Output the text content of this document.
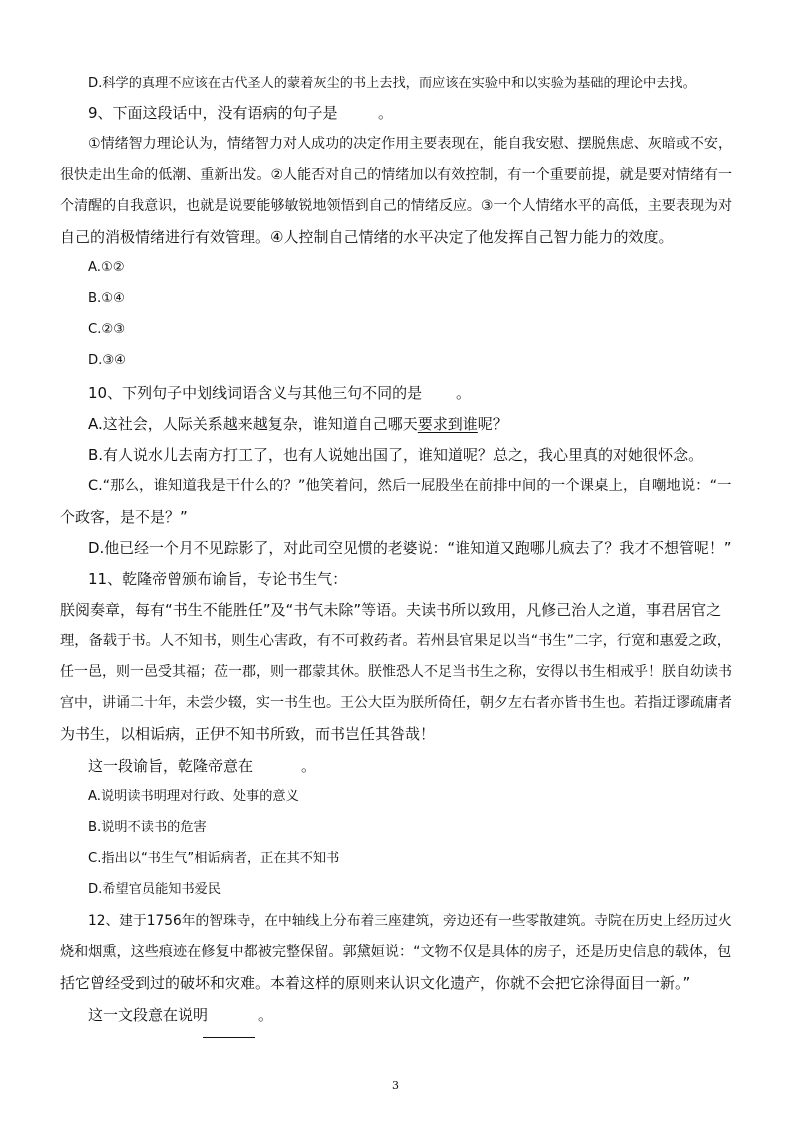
D.科学的真理不应该在古代圣人的蒙着灰尘的书上去找，而应该在实验中和以实验为基础的理论中去找。
9、下面这段话中，没有语病的句子是	。
①情绪智力理论认为，情绪智力对人成功的决定作用主要表现在，能自我安慰、摆脱焦虑、灰暗或不安，
很快走出生命的低潮、重新出发。②人能否对自己的情绪加以有效控制，有一个重要前提，就是要对情绪有一
个清醒的自我意识，也就是说要能够敏锐地领悟到自己的情绪反应。③一个人情绪水平的高低，主要表现为对
自己的消极情绪进行有效管理。④人控制自己情绪的水平决定了他发挥自己智力能力的效度。
A.①②
B.①④
C.②③
D.③④
10、下列句子中划线词语含义与其他三句不同的是 。
A.这社会，人际关系越来越复杂，谁知道自己哪天要求到谁呢？
B.有人说水儿去南方打工了，也有人说她出国了，谁知道呢？总之，我心里真的对她很怀念。
C.“那么，谁知道我是干什么的？”他笑着问，然后一屁股坐在前排中间的一个课桌上，自嘲地说：“一
个政客，是不是？”
D.他已经一个月不见踪影了，对此司空见惯的老婆说：“谁知道又跑哪儿疯去了？我才不想管呢！”
11、乾隆帝曾颁布谕旨，专论书生气：
朕阅奏章，每有“书生不能胜任”及“书气未除”等语。夫读书所以致用，凡修己治人之道，事君居官之
理，备载于书。人不知书，则生心害政，有不可救药者。若州县官果足以当“书生”二字，行宽和惠爱之政，
任一邑，则一邑受其福；莅一郡，则一郡蒙其休。朕惟恐人不足当书生之称，安得以书生相戒乎！朕自幼读书
宫中，讲诵二十年，未尝少辍，实一书生也。王公大臣为朕所倚任，朝夕左右者亦皆书生也。若指迂谬疏庸者
为书生，以相诟病，正伊不知书所致，而书岂任其咎哉！
这一段谕旨，乾隆帝意在	。
A.说明读书明理对行政、处事的意义
B.说明不读书的危害
C.指出以“书生气”相诟病者，正在其不知书
D.希望官员能知书爱民
12、建于1756年的智珠寺，在中轴线上分布着三座建筑，旁边还有一些零散建筑。寺院在历史上经历过火
烧和烟熏，这些痕迹在修复中都被完整保留。郭黛姮说：“文物不仅是具体的房子，还是历史信息的载体，包
括它曾经受到过的破坏和灾难。本着这样的原则来认识文化遗产，你就不会把它涂得面目一新。”
这一文段意在说明	。
3
